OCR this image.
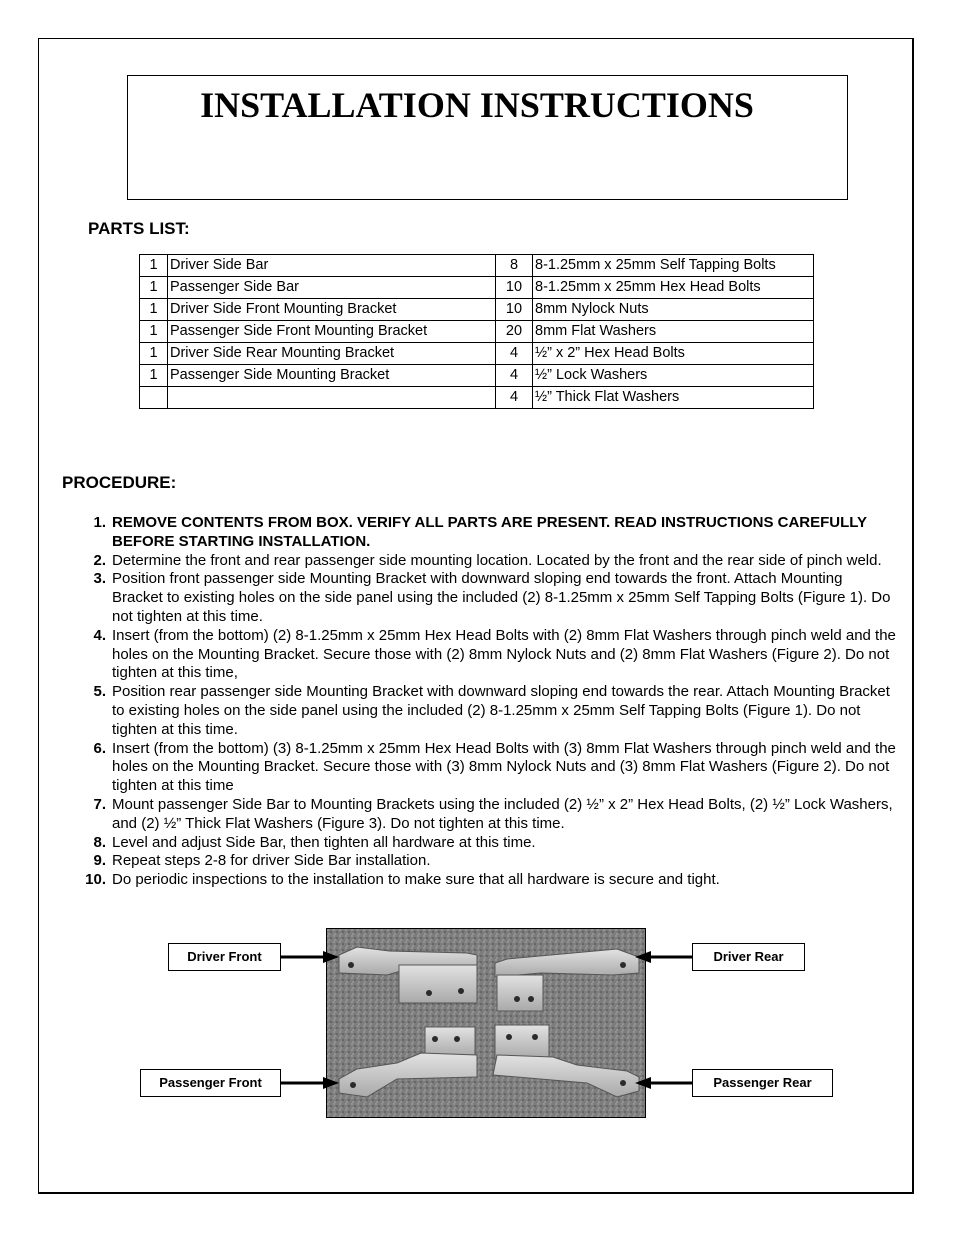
INSTALLATION INSTRUCTIONS
PARTS LIST:
1	Driver Side Bar	8	8-1.25mm x 25mm Self Tapping Bolts
1	Passenger Side Bar	10	8-1.25mm x 25mm Hex Head Bolts
1	Driver Side Front Mounting Bracket	10	8mm Nylock Nuts
1	Passenger Side Front Mounting Bracket	20	8mm Flat Washers
1	Driver Side Rear Mounting Bracket	4	½” x 2” Hex Head Bolts
1	Passenger Side Mounting Bracket	4	½” Lock Washers
		4	½” Thick Flat Washers
PROCEDURE:
1. REMOVE CONTENTS FROM BOX. VERIFY ALL PARTS ARE PRESENT. READ INSTRUCTIONS CAREFULLY BEFORE STARTING INSTALLATION.
2. Determine the front and rear passenger side mounting location. Located by the front and the rear side of pinch weld.
3. Position front passenger side Mounting Bracket with downward sloping end towards the front. Attach Mounting Bracket to existing holes on the side panel using the included (2) 8-1.25mm x 25mm Self Tapping Bolts (Figure 1). Do not tighten at this time.
4. Insert (from the bottom) (2) 8-1.25mm x 25mm Hex Head Bolts with (2) 8mm Flat Washers through pinch weld and the holes on the Mounting Bracket. Secure those with (2) 8mm Nylock Nuts and (2) 8mm Flat Washers (Figure 2). Do not tighten at this time,
5. Position rear passenger side Mounting Bracket with downward sloping end towards the rear. Attach Mounting Bracket to existing holes on the side panel using the included (2) 8-1.25mm x 25mm Self Tapping Bolts (Figure 1). Do not tighten at this time.
6. Insert (from the bottom) (3) 8-1.25mm x 25mm Hex Head Bolts with (3) 8mm Flat Washers through pinch weld and the holes on the Mounting Bracket. Secure those with (3) 8mm Nylock Nuts and (3) 8mm Flat Washers (Figure 2). Do not tighten at this time
7. Mount passenger Side Bar to Mounting Brackets using the included (2) ½” x 2” Hex Head Bolts, (2) ½” Lock Washers, and (2) ½” Thick Flat Washers (Figure 3). Do not tighten at this time.
8. Level and adjust Side Bar, then tighten all hardware at this time.
9. Repeat steps 2-8 for driver Side Bar installation.
10. Do periodic inspections to the installation to make sure that all hardware is secure and tight.
Driver Front	Driver Rear
Passenger Front	Passenger Rear
